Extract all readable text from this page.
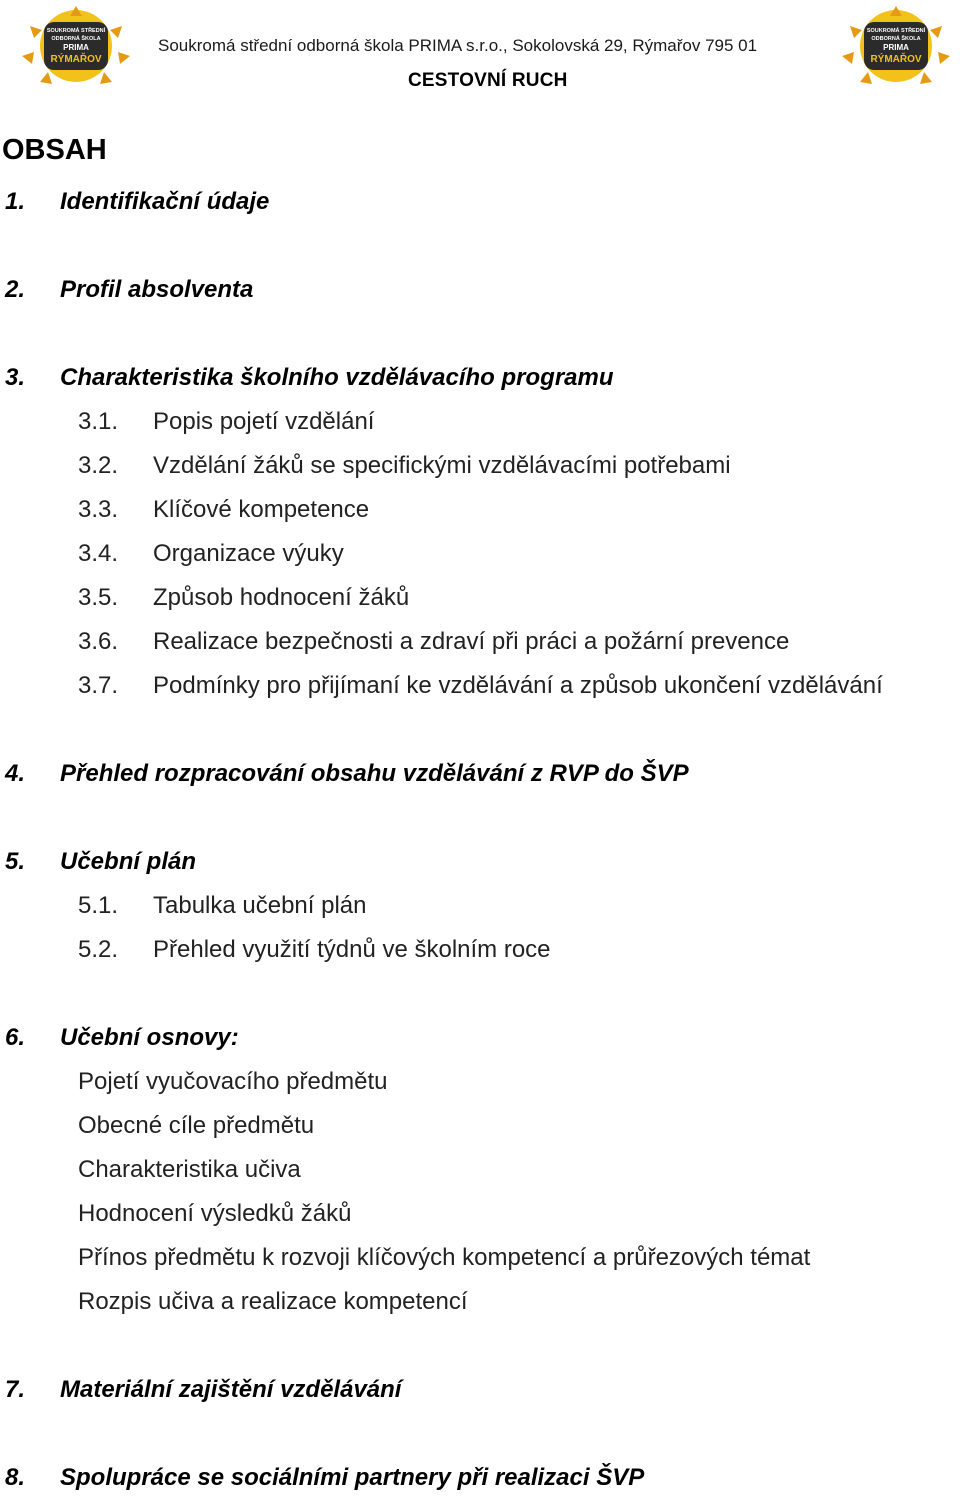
SOUKROMÁ STŘEDNÍ
ODBORNÁ ŠKOLA
PRIMA
RÝMAŘOV
SOUKROMÁ STŘEDNÍ
ODBORNÁ ŠKOLA
PRIMA
RÝMAŘOV
Soukromá střední odborná škola PRIMA s.r.o., Sokolovská 29, Rýmařov 795 01
CESTOVNÍ RUCH
OBSAH
1. Identifikační údaje
2. Profil absolventa
3. Charakteristika školního vzdělávacího programu
3.1. Popis pojetí vzdělání
3.2. Vzdělání žáků se specifickými vzdělávacími potřebami
3.3. Klíčové kompetence
3.4. Organizace výuky
3.5. Způsob hodnocení žáků
3.6. Realizace bezpečnosti a zdraví při práci a požární prevence
3.7. Podmínky pro přijímaní ke vzdělávání a způsob ukončení vzdělávání
4. Přehled rozpracování obsahu vzdělávání z RVP do ŠVP
5. Učební plán
5.1. Tabulka učební plán
5.2. Přehled využití týdnů ve školním roce
6. Učební osnovy:
Pojetí vyučovacího předmětu
Obecné cíle předmětu
Charakteristika učiva
Hodnocení výsledků žáků
Přínos předmětu k rozvoji klíčových kompetencí a průřezových témat
Rozpis učiva a realizace kompetencí
7. Materiální zajištění vzdělávání
8. Spolupráce se sociálními partnery při realizaci ŠVP
